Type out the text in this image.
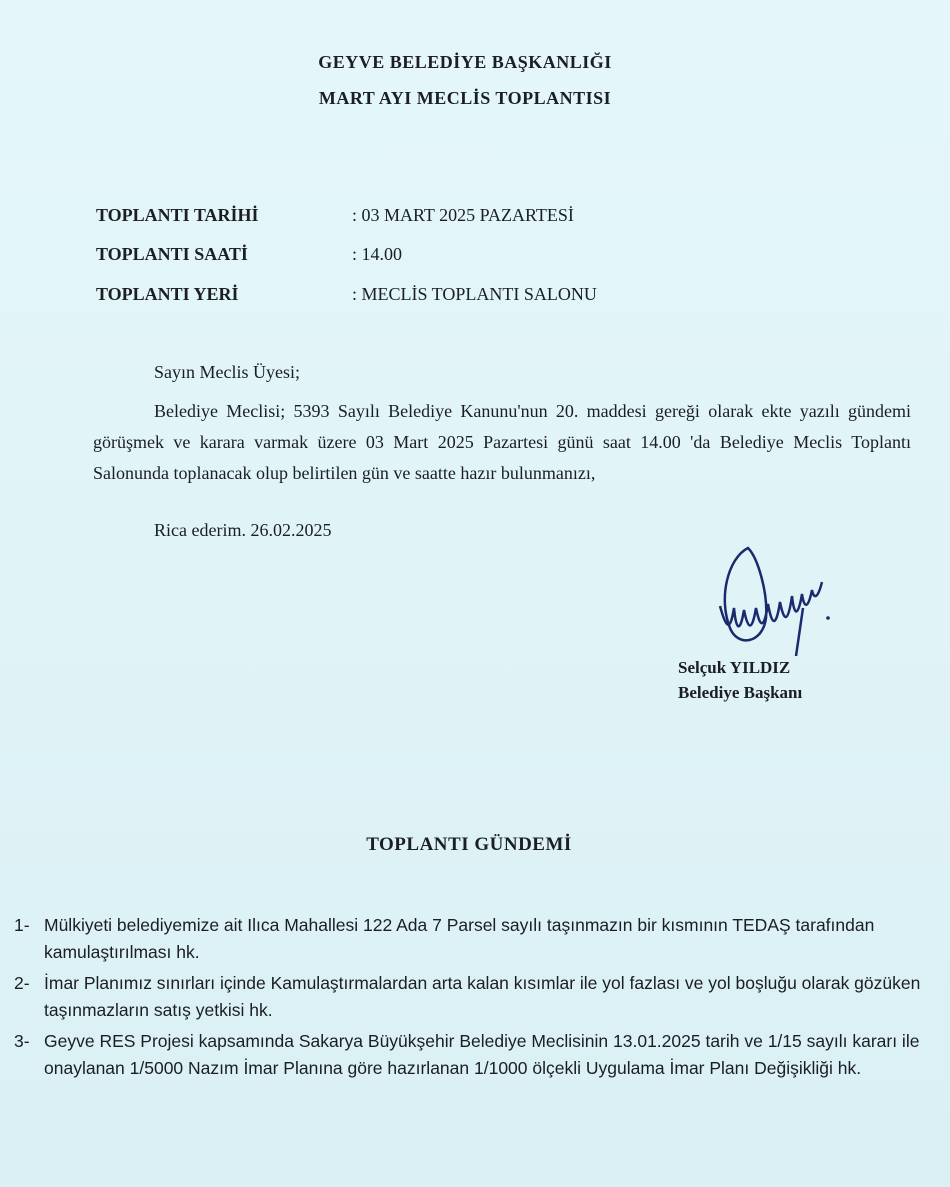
GEYVE BELEDİYE BAŞKANLIĞI
MART AYI MECLİS TOPLANTISI
TOPLANTI TARİHİ	: 03 MART 2025 PAZARTESİ
TOPLANTI SAATİ	: 14.00
TOPLANTI YERİ	: MECLİS TOPLANTI SALONU
Sayın Meclis Üyesi;
Belediye Meclisi; 5393 Sayılı Belediye Kanunu'nun 20. maddesi gereği olarak ekte yazılı gündemi görüşmek ve karara varmak üzere 03 Mart 2025 Pazartesi günü saat 14.00 'da Belediye Meclis Toplantı Salonunda toplanacak olup belirtilen gün ve saatte hazır bulunmanızı,
Rica ederim. 26.02.2025
Selçuk YILDIZ
Belediye Başkanı
TOPLANTI GÜNDEMİ
1- Mülkiyeti belediyemize ait Ilıca Mahallesi 122 Ada 7 Parsel sayılı taşınmazın bir kısmının TEDAŞ tarafından kamulaştırılması hk.
2- İmar Planımız sınırları içinde Kamulaştırmalardan arta kalan kısımlar ile yol fazlası ve yol boşluğu olarak gözüken taşınmazların satış yetkisi hk.
3- Geyve RES Projesi kapsamında Sakarya Büyükşehir Belediye Meclisinin 13.01.2025 tarih ve 1/15 sayılı kararı ile onaylanan 1/5000 Nazım İmar Planına göre hazırlanan 1/1000 ölçekli Uygulama İmar Planı Değişikliği hk.
